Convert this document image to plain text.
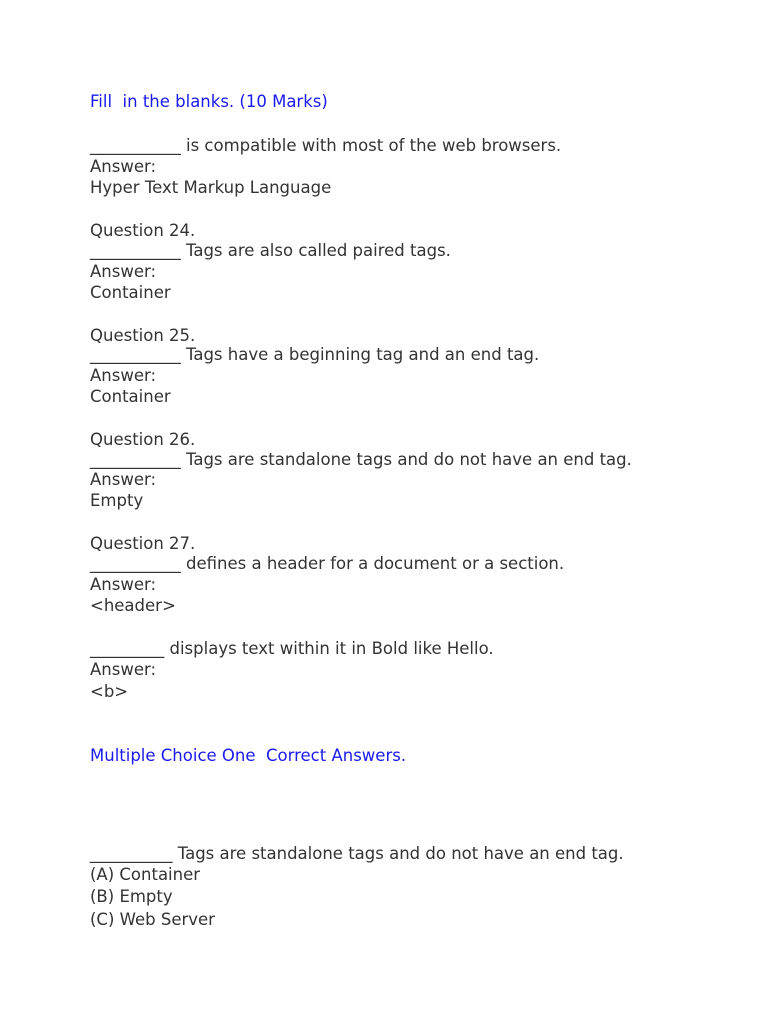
Fill  in the blanks. (10 Marks)
___________ is compatible with most of the web browsers.
Answer:
Hyper Text Markup Language
Question 24.
___________ Tags are also called paired tags.
Answer:
Container
Question 25.
___________ Tags have a beginning tag and an end tag.
Answer:
Container
Question 26.
___________ Tags are standalone tags and do not have an end tag.
Answer:
Empty
Question 27.
___________ defines a header for a document or a section.
Answer:
<header>
_________ displays text within it in Bold like Hello.
Answer:
<b>
Multiple Choice One  Correct Answers.
__________ Tags are standalone tags and do not have an end tag.
(A) Container
(B) Empty
(C) Web Server
